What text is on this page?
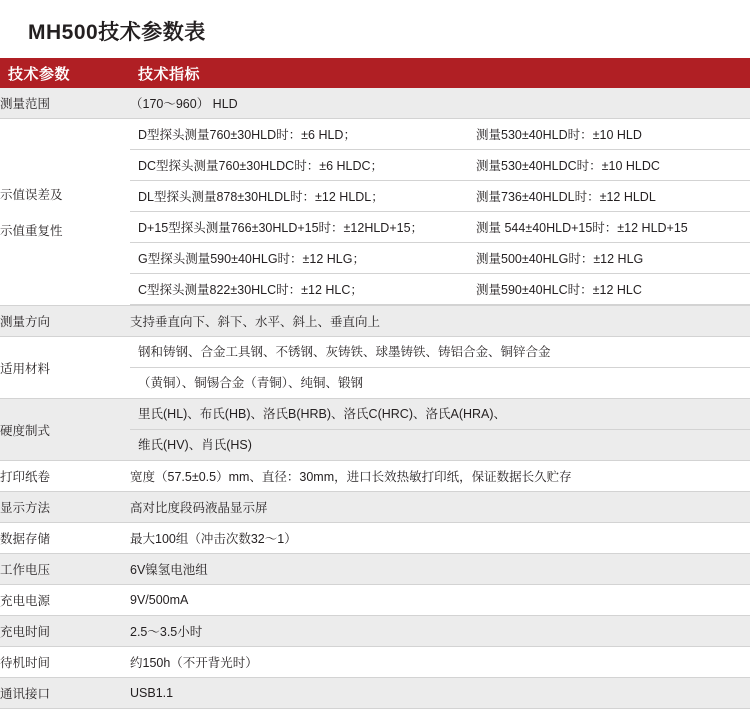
MH500技术参数表
技术参数	技术指标
测量范围	（170～960） HLD

示值误差及
示值重复性

D型探头测量760±30HLD时：±6 HLD；	测量530±40HLD时：±10 HLD
DC型探头测量760±30HLDC时：±6 HLDC；	测量530±40HLDC时：±10 HLDC
DL型探头测量878±30HLDL时：±12 HLDL；	测量736±40HLDL时：±12 HLDL
D+15型探头测量766±30HLD+15时：±12HLD+15；	测量 544±40HLD+15时：±12 HLD+15
G型探头测量590±40HLG时：±12 HLG；	测量500±40HLG时：±12 HLG
C型探头测量822±30HLC时：±12 HLC；	测量590±40HLC时：±12 HLC

测量方向	支持垂直向下、斜下、水平、斜上、垂直向上
适用材料	
钢和铸钢、合金工具钢、不锈钢、灰铸铁、球墨铸铁、铸铝合金、铜锌合金
（黄铜）、铜锡合金（青铜）、纯铜、锻钢

硬度制式	
里氏(HL)、布氏(HB)、洛氏B(HRB)、洛氏C(HRC)、洛氏A(HRA)、
维氏(HV)、肖氏(HS)

打印纸卷	宽度（57.5±0.5）mm、直径：30mm，进口长效热敏打印纸，保证数据长久贮存
显示方法	高对比度段码液晶显示屏
数据存储	最大100组（冲击次数32～1）
工作电压	6V镍氢电池组
充电电源	9V/500mA
充电时间	2.5～3.5小时
待机时间	约150h（不开背光时）
通讯接口	USB1.1
